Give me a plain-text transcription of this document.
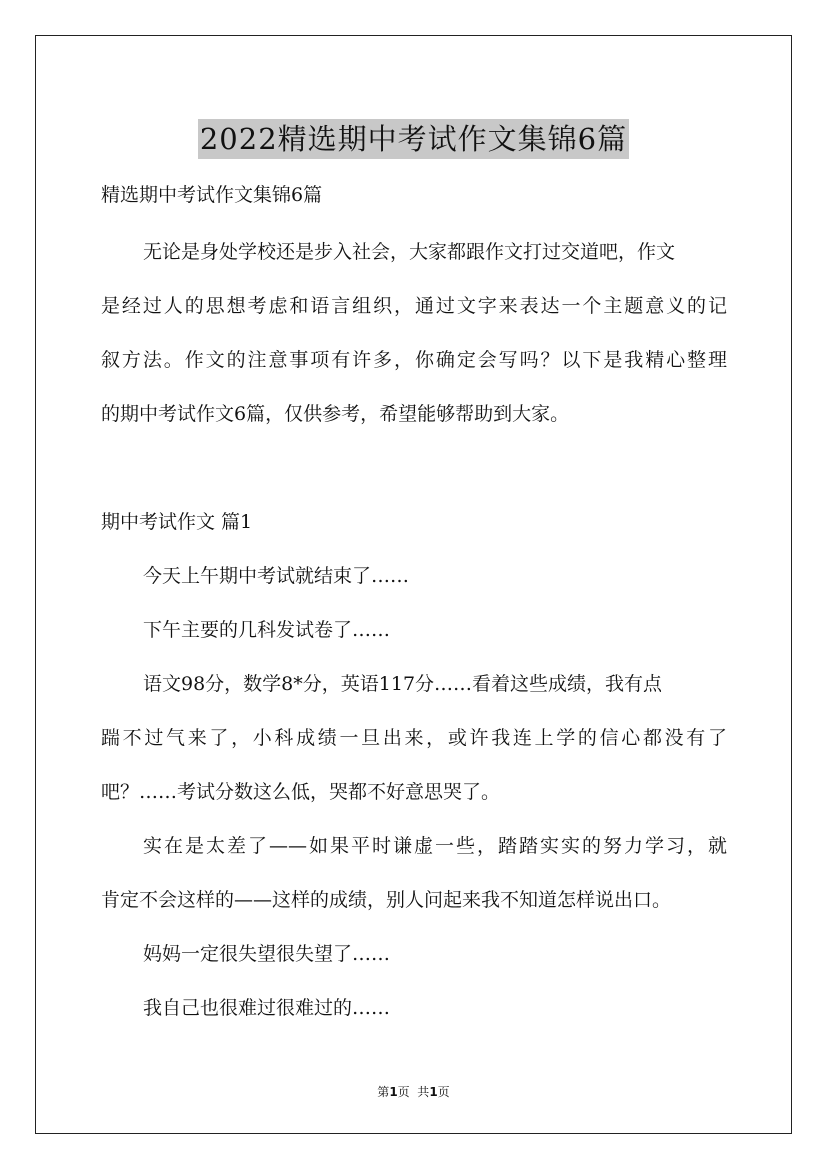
2022精选期中考试作文集锦6篇
精选期中考试作文集锦6篇
无论是身处学校还是步入社会，大家都跟作文打过交道吧，作文
是经过人的思想考虑和语言组织，通过文字来表达一个主题意义的记
叙方法。作文的注意事项有许多，你确定会写吗？以下是我精心整理
的期中考试作文6篇，仅供参考，希望能够帮助到大家。
期中考试作文 篇1
今天上午期中考试就结束了……
下午主要的几科发试卷了……
语文98分，数学8*分，英语117分……看着这些成绩，我有点
踹不过气来了，小科成绩一旦出来，或许我连上学的信心都没有了
吧？……考试分数这么低，哭都不好意思哭了。
实在是太差了——如果平时谦虚一些，踏踏实实的努力学习，就
肯定不会这样的——这样的成绩，别人问起来我不知道怎样说出口。
妈妈一定很失望很失望了……
我自己也很难过很难过的……
第1页  共1页
